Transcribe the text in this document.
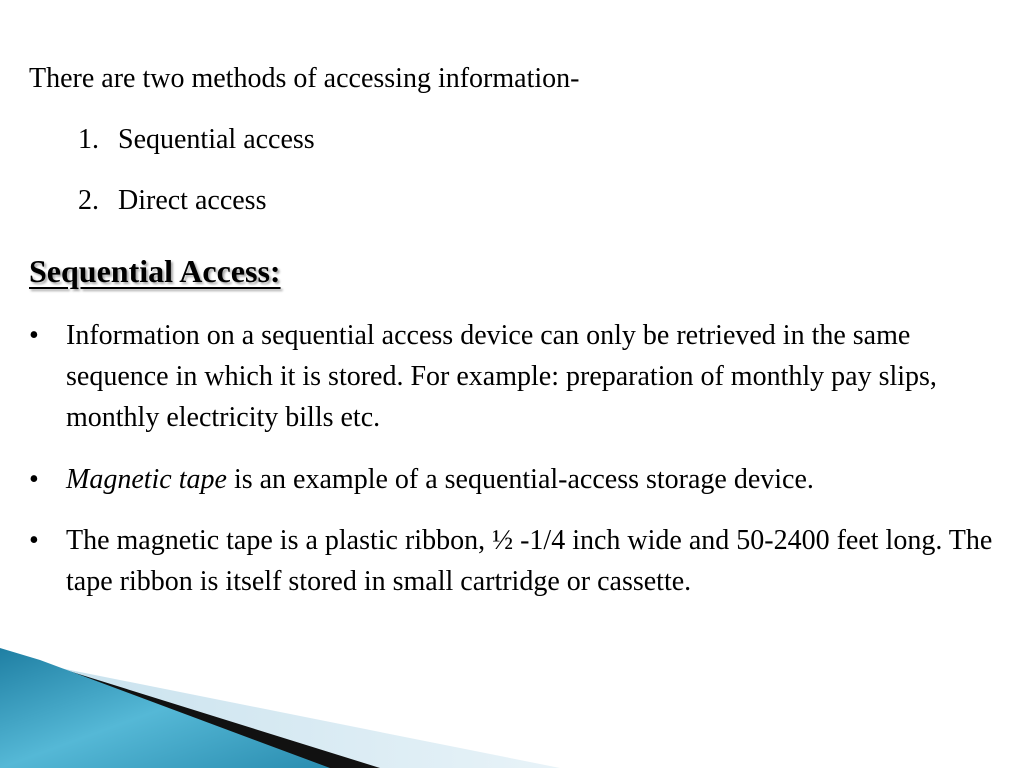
There are two methods of accessing information-
1. Sequential access
2. Direct access
Sequential Access:
• Information on a sequential access device can only be retrieved in the same sequence in which it is stored. For example: preparation of monthly pay slips, monthly electricity bills etc.
• Magnetic tape is an example of a sequential-access storage device.
• The magnetic tape is a plastic ribbon, ½ -1/4 inch wide and 50-2400 feet long. The tape ribbon is itself stored in small cartridge or cassette.
